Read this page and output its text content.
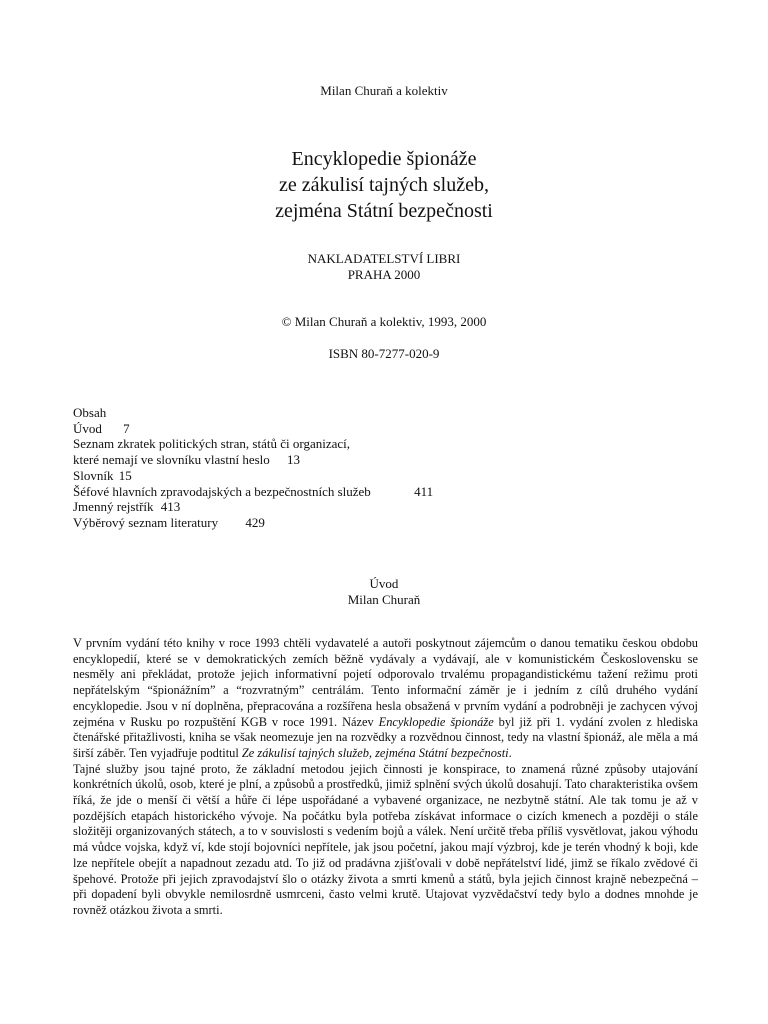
Milan Churaň a kolektiv
Encyklopedie špionáže
ze zákulisí tajných služeb,
zejména Státní bezpečnosti
NAKLADATELSTVÍ LIBRI
PRAHA 2000
© Milan Churaň a kolektiv, 1993, 2000
ISBN 80-7277-020-9
Obsah
Úvod 7
Seznam zkratek politických stran, států či organizací,
které nemají ve slovníku vlastní heslo 13
Slovník 15
Šéfové hlavních zpravodajských a bezpečnostních služeb	411
Jmenný rejstřík 413
Výběrový seznam literatury 429
Úvod
Milan Churaň

V prvním vydání této knihy v roce 1993 chtěli vydavatelé a autoři poskytnout zájemcům o danou tematiku českou obdobu encyklopedií, které se v demokratických zemích běžně vydávaly a vydávají, ale v komunistickém Československu se nesměly ani překládat, protože jejich informativní pojetí odporovalo trvalému propagandistickému tažení režimu proti nepřátelským “špionážním” a “rozvratným” centrálám. Tento informační záměr je i jedním z cílů druhého vydání encyklopedie. Jsou v ní doplněna, přepracována a rozšířena hesla obsažená v prvním vydání a podrobněji je zachycen vývoj zejména v Rusku po rozpuštění KGB v roce 1991. Název Encyklopedie špionáže byl již při 1. vydání zvolen z hlediska čtenářské přitažlivosti, kniha se však neomezuje jen na rozvědky a rozvědnou činnost, tedy na vlastní špionáž, ale měla a má širší záběr. Ten vyjadřuje podtitul Ze zákulisí tajných služeb, zejména Státní bezpečnosti.

Tajné služby jsou tajné proto, že základní metodou jejich činnosti je konspirace, to znamená různé způsoby utajování konkrétních úkolů, osob, které je plní, a způsobů a prostředků, jimiž splnění svých úkolů dosahují. Tato charakteristika ovšem říká, že jde o menší či větší a hůře či lépe uspořádané a vybavené organizace, ne nezbytně státní. Ale tak tomu je až v pozdějších etapách historického vývoje. Na počátku byla potřeba získávat informace o cizích kmenech a později o stále složitěji organizovaných státech, a to v souvislosti s vedením bojů a válek. Není určitě třeba příliš vysvětlovat, jakou výhodu má vůdce vojska, když ví, kde stojí bojovníci nepřítele, jak jsou početní, jakou mají výzbroj, kde je terén vhodný k boji, kde lze nepřítele obejít a napadnout zezadu atd. To již od pradávna zjišťovali v době nepřátelství lidé, jimž se říkalo zvědové či špehové. Protože při jejich zpravodajství šlo o otázky života a smrti kmenů a států, byla jejich činnost krajně nebezpečná – při dopadení byli obvykle nemilosrdně usmrceni, často velmi krutě. Utajovat vyzvědačství tedy bylo a dodnes mnohde je rovněž otázkou života a smrti.
